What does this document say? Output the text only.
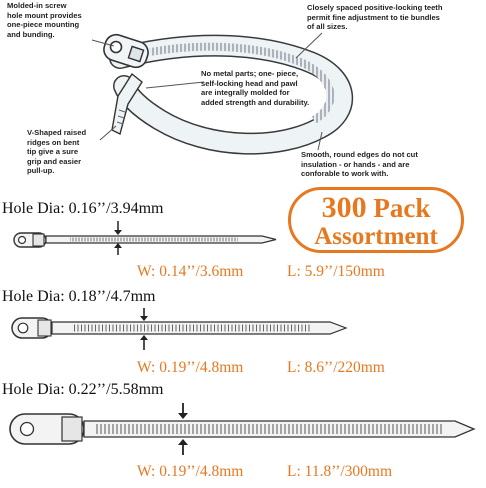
Molded-in screw
hole mount provides
one-piece mounting
and bunding.
Closely spaced positive-locking teeth
permit fine adjustment to tie bundles
of all sizes.
No metal parts; one- piece,
self-locking head and pawl
are integrally molded for
added strength and durability.
V-Shaped raised
ridges on bent
tip give a sure
grip and easier
pull-up.
Smooth, round edges do not cut
insulation - or hands - and are
conforable to work with.
300 Pack
Assortment
Hole Dia: 0.16’’/3.94mm
W: 0.14’’/3.6mm	L: 5.9’’/150mm
Hole Dia: 0.18’’/4.7mm
W: 0.19’’/4.8mm	L: 8.6’’/220mm
Hole Dia: 0.22’’/5.58mm
W: 0.19’’/4.8mm	L: 11.8’’/300mm
